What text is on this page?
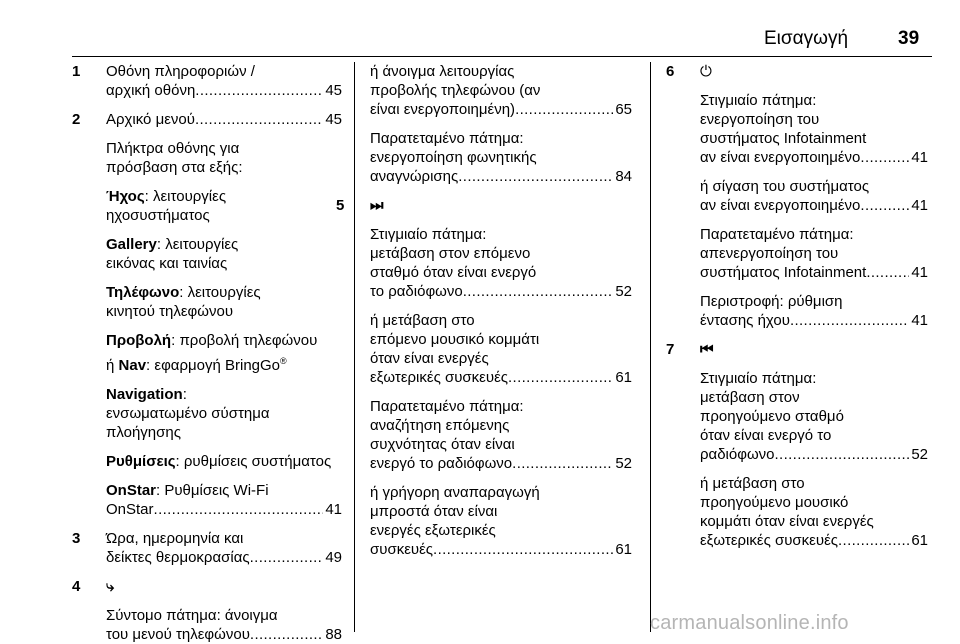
Εισαγωγή	39
1	Οθόνη πληροφοριών /
αρχική οθόνη . . .	45
2	Αρχικό μενού . . .	45
Πλήκτρα οθόνης για
πρόσβαση στα εξής:
Ήχος: λειτουργίες
ηχοσυστήματος
Gallery: λειτουργίες
εικόνας και ταινίας
Τηλέφωνο: λειτουργίες
κινητού τηλεφώνου
Προβολή: προβολή τηλεφώνου
ή Nav: εφαρμογή BringGo®
Navigation:
ενσωματωμένο σύστημα
πλοήγησης
Ρυθμίσεις: ρυθμίσεις συστήματος
OnStar: Ρυθμίσεις Wi-Fi
OnStar . . .	41
3	Ώρα, ημερομηνία και
δείκτες θερμοκρασίας . . .	49
4	⤷
Σύντομο πάτημα: άνοιγμα
του μενού τηλεφώνου . . .	88
ή άνοιγμα λειτουργίας
προβολής τηλεφώνου (αν
είναι ενεργοποιημένη) . . .	65
Παρατεταμένο πάτημα:
ενεργοποίηση φωνητικής
αναγνώρισης . . .	84
5	⏭
Στιγμιαίο πάτημα:
μετάβαση στον επόμενο
σταθμό όταν είναι ενεργό
το ραδιόφωνο . . .	52
ή μετάβαση στο
επόμενο μουσικό κομμάτι
όταν είναι ενεργές
εξωτερικές συσκευές . . .	61
Παρατεταμένο πάτημα:
αναζήτηση επόμενης
συχνότητας όταν είναι
ενεργό το ραδιόφωνο . . .	52
ή γρήγορη αναπαραγωγή
μπροστά όταν είναι
ενεργές εξωτερικές
συσκευές . . .	61
6	⏻
Στιγμιαίο πάτημα:
ενεργοποίηση του
συστήματος Infotainment
αν είναι ενεργοποιημένο . . .	41
ή σίγαση του συστήματος
αν είναι ενεργοποιημένο . . .	41
Παρατεταμένο πάτημα:
απενεργοποίηση του
συστήματος Infotainment . . .	41
Περιστροφή: ρύθμιση
έντασης ήχου . . .	41
7	⏮
Στιγμιαίο πάτημα:
μετάβαση στον
προηγούμενο σταθμό
όταν είναι ενεργό το
ραδιόφωνο . . .	52
ή μετάβαση στο
προηγούμενο μουσικό
κομμάτι όταν είναι ενεργές
εξωτερικές συσκευές . . .	61
carmanualsonline.info
